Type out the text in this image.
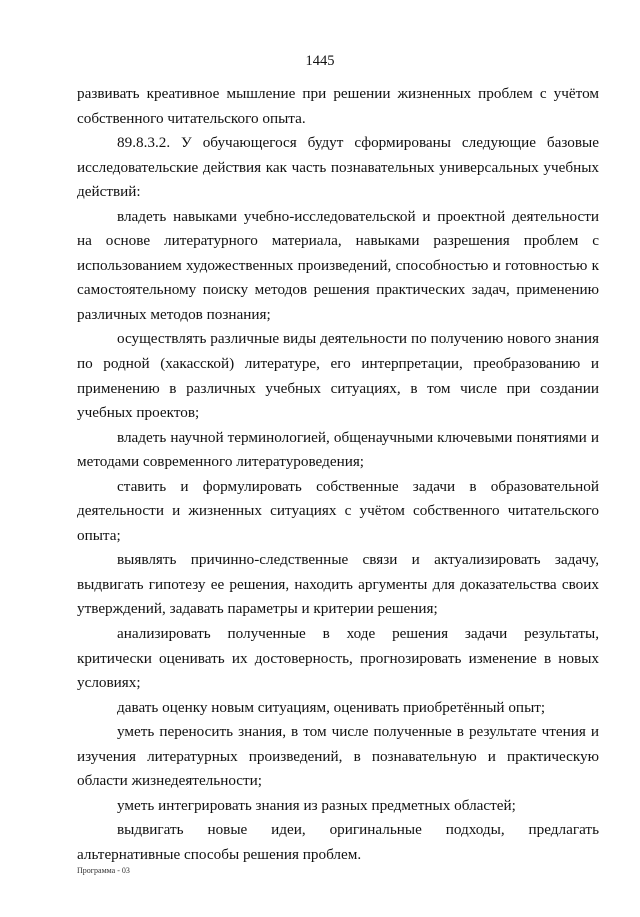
1445

развивать креативное мышление при решении жизненных проблем с учётом собственного читательского опыта.

89.8.3.2. У обучающегося будут сформированы следующие базовые исследовательские действия как часть познавательных универсальных учебных действий:

владеть навыками учебно-исследовательской и проектной деятельности на основе литературного материала, навыками разрешения проблем с использованием художественных произведений, способностью и готовностью к самостоятельному поиску методов решения практических задач, применению различных методов познания;

осуществлять различные виды деятельности по получению нового знания по родной (хакасской) литературе, его интерпретации, преобразованию и применению в различных учебных ситуациях, в том числе при создании учебных проектов;

владеть научной терминологией, общенаучными ключевыми понятиями и методами современного литературоведения;

ставить и формулировать собственные задачи в образовательной деятельности и жизненных ситуациях с учётом собственного читательского опыта;

выявлять причинно-следственные связи и актуализировать задачу, выдвигать гипотезу ее решения, находить аргументы для доказательства своих утверждений, задавать параметры и критерии решения;

анализировать полученные в ходе решения задачи результаты, критически оценивать их достоверность, прогнозировать изменение в новых условиях;

давать оценку новым ситуациям, оценивать приобретённый опыт;

уметь переносить знания, в том числе полученные в результате чтения и изучения литературных произведений, в познавательную и практическую области жизнедеятельности;

уметь интегрировать знания из разных предметных областей;

выдвигать новые идеи, оригинальные подходы, предлагать альтернативные способы решения проблем.

Программа - 03
